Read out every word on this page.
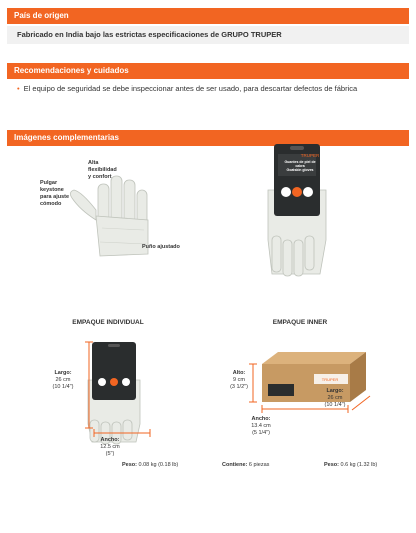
País de origen
Fabricado en India bajo las estrictas especificaciones de GRUPO TRUPER
Recomendaciones y cuidados
• El equipo de seguridad se debe inspeccionar antes de ser usado, para descartar defectos de fábrica
Imágenes complementarias
Alta flexibilidad
y confort
Pulgar
keystone
para ajuste
cómodo
Puño ajustado
TRUPER
Guantes de piel de cabra
Goatskin gloves
EMPAQUE INDIVIDUAL
Largo:
26 cm
(10 1/4")
Ancho:
12.5 cm
(5")
Peso: 0.08 kg (0.18 lb)
EMPAQUE INNER
TRUPER
Alto:
9 cm
(3 1/2")
Ancho:
13.4 cm
(5 1/4")
Largo:
26 cm
(10 1/4")
Contiene: 6 piezas	Peso: 0.6 kg (1.32 lb)
